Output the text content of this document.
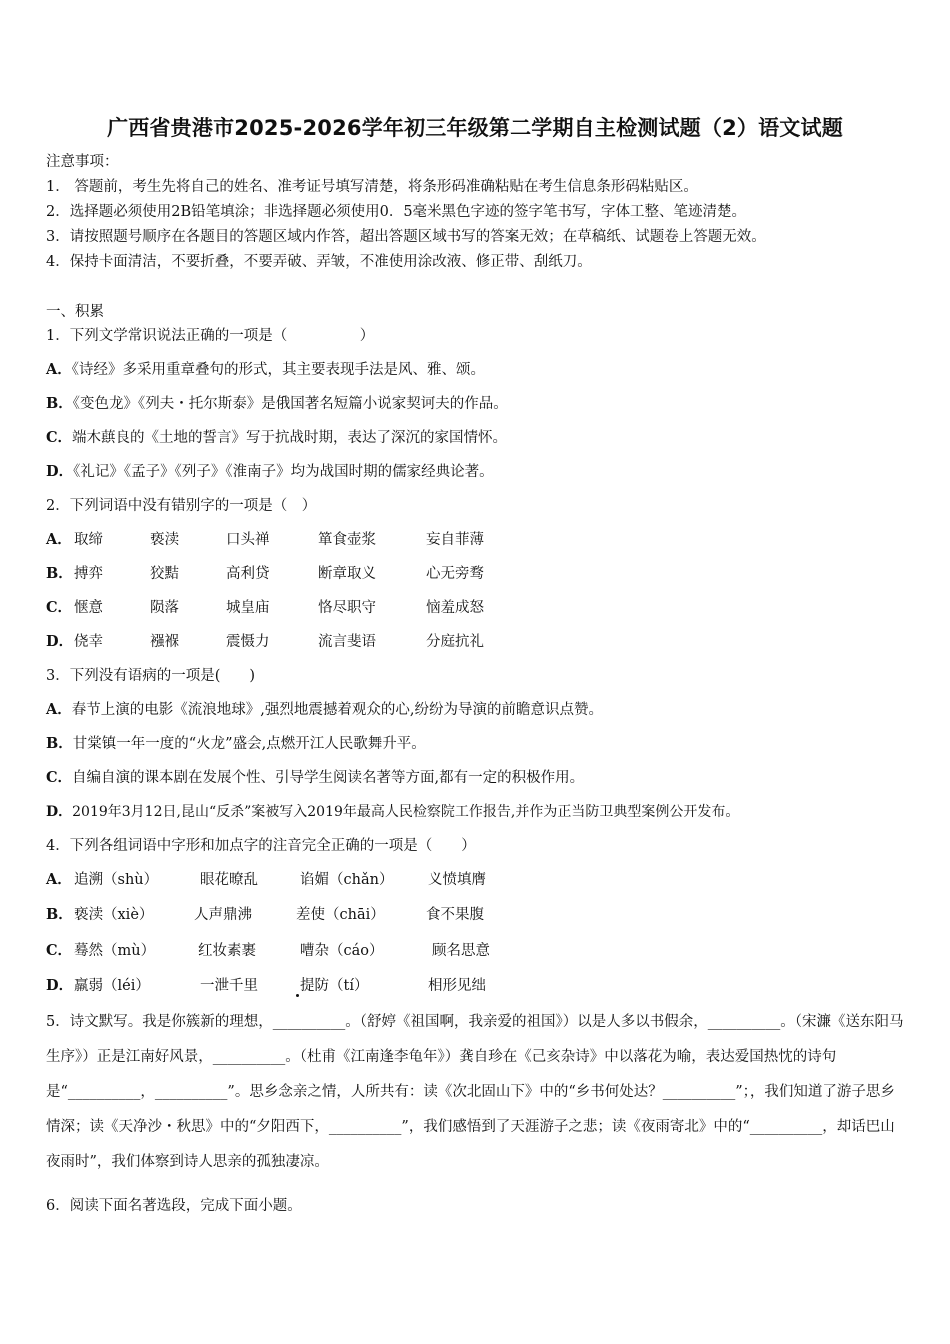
广西省贵港市2025-2026学年初三年级第二学期自主检测试题（2）语文试题
注意事项：
1． 答题前，考生先将自己的姓名、准考证号填写清楚，将条形码准确粘贴在考生信息条形码粘贴区。
2．选择题必须使用2B铅笔填涂；非选择题必须使用0．5毫米黑色字迹的签字笔书写，字体工整、笔迹清楚。
3．请按照题号顺序在各题目的答题区域内作答，超出答题区域书写的答案无效；在草稿纸、试题卷上答题无效。
4．保持卡面清洁，不要折叠，不要弄破、弄皱，不准使用涂改液、修正带、刮纸刀。
一、积累
1．下列文学常识说法正确的一项是（　　　　　）
A．《诗经》多采用重章叠句的形式，其主要表现手法是风、雅、颂。
B．《变色龙》《列夫・托尔斯泰》是俄国著名短篇小说家契诃夫的作品。
C．端木蕻良的《土地的誓言》写于抗战时期，表达了深沉的家国情怀。
D．《礼记》《孟子》《列子》《淮南子》均为战国时期的儒家经典论著。
2．下列词语中没有错别字的一项是（　）
A． 取缔	亵渎	口头禅	箪食壶浆	妄自菲薄
B． 搏弈	狡黠	高利贷	断章取义	心无旁骛
C． 惬意	陨落	城皇庙	恪尽职守	恼羞成怒
D． 侥幸	襁褓	震慑力	流言斐语	分庭抗礼
3．下列没有语病的一项是(　　)
A．春节上演的电影《流浪地球》,强烈地震撼着观众的心,纷纷为导演的前瞻意识点赞。
B．甘棠镇一年一度的“火龙”盛会,点燃开江人民歌舞升平。
C．自编自演的课本剧在发展个性、引导学生阅读名著等方面,都有一定的积极作用。
D．2019年3月12日,昆山“反杀”案被写入2019年最高人民检察院工作报告,并作为正当防卫典型案例公开发布。
4．下列各组词语中字形和加点字的注音完全正确的一项是（　　）
A． 追溯（shù）	眼花暸乱	谄媚（chǎn） 义愤填膺
B． 亵渎（xiè）	人声鼎沸	差使（chāi）	食不果腹
C． 蓦然（mù）	红妆素裹	嘈杂（cáo）	顾名思意
D． 羸弱（léi）	一泄千里	提防（tí）	相形见绌
5．诗文默写。我是你簇新的理想，__________。（舒婷《祖国啊，我亲爱的祖国》）以是人多以书假余，__________。（宋濂《送东阳马生序》）正是江南好风景，__________。（杜甫《江南逢李龟年》）龚自珍在《己亥杂诗》中以落花为喻，表达爱国热忱的诗句是“__________，__________”。思乡念亲之情，人所共有：读《次北固山下》中的“乡书何处达？__________”；，我们知道了游子思乡情深；读《天净沙・秋思》中的“夕阳西下，__________”，我们感悟到了天涯游子之悲；读《夜雨寄北》中的“__________，却话巴山夜雨时”，我们体察到诗人思亲的孤独凄凉。
6．阅读下面名著选段，完成下面小题。
